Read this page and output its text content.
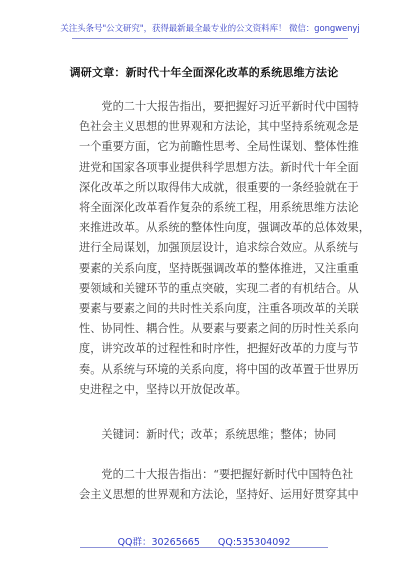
关注头条号"公文研究"，获得最新最全最专业的公文资料库！ 微信：gongwenyj
调研文章：新时代十年全面深化改革的系统思维方法论
　　党的二十大报告指出，要把握好习近平新时代中国特
色社会主义思想的世界观和方法论，其中坚持系统观念是
一个重要方面，它为前瞻性思考、全局性谋划、整体性推
进党和国家各项事业提供科学思想方法。新时代十年全面
深化改革之所以取得伟大成就，很重要的一条经验就在于
将全面深化改革看作复杂的系统工程，用系统思维方法论
来推进改革。从系统的整体性向度，强调改革的总体效果，
进行全局谋划，加强顶层设计，追求综合效应。从系统与
要素的关系向度，坚持既强调改革的整体推进，又注重重
要领域和关键环节的重点突破，实现二者的有机结合。从
要素与要素之间的共时性关系向度，注重各项改革的关联
性、协同性、耦合性。从要素与要素之间的历时性关系向
度，讲究改革的过程性和时序性，把握好改革的力度与节
奏。从系统与环境的关系向度，将中国的改革置于世界历
史进程之中，坚持以开放促改革。
　　关键词：新时代；改革；系统思维；整体；协同
　　党的二十大报告指出：“要把握好新时代中国特色社
会主义思想的世界观和方法论，坚持好、运用好贯穿其中
QQ群：30265665 QQ:535304092
